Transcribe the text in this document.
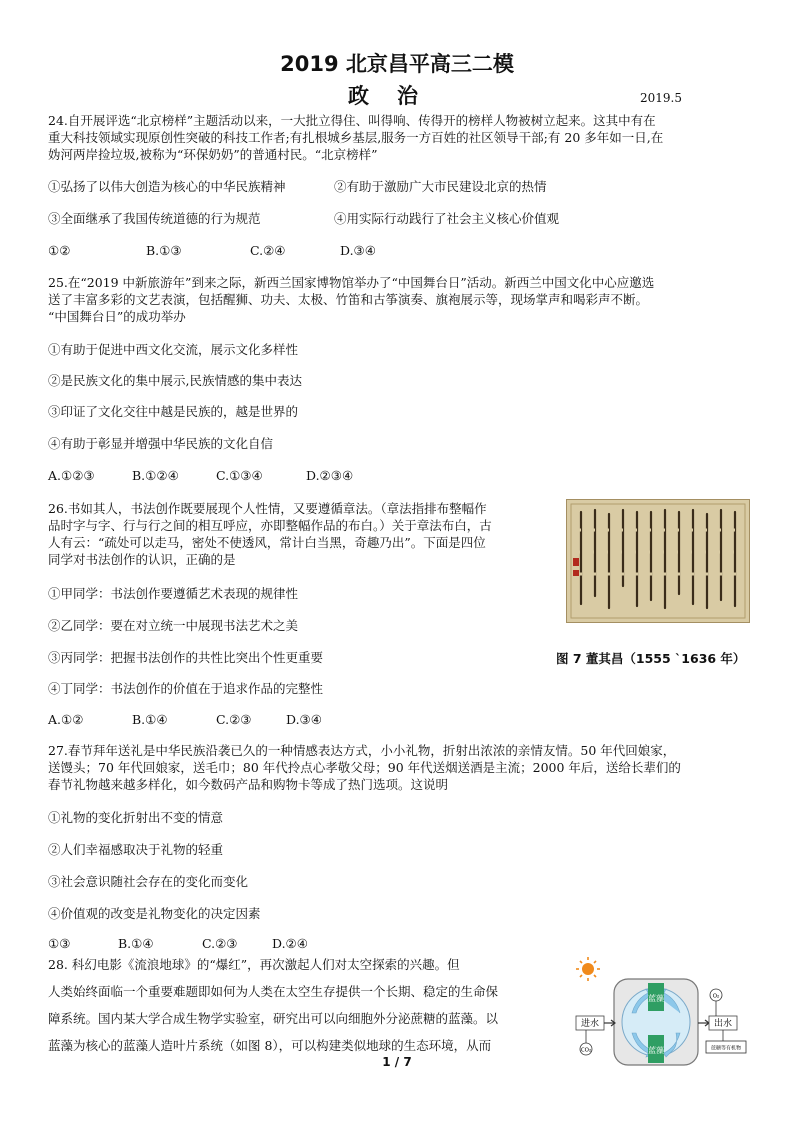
2019 北京昌平高三二模
政治	2019.5
24.自开展评选“北京榜样”主题活动以来，一大批立得住、叫得响、传得开的榜样人物被树立起来。这其中有在
重大科技领域实现原创性突破的科技工作者;有扎根城乡基层,服务一方百姓的社区领导干部;有 20 多年如一日,在
妫河两岸捡垃圾,被称为“环保奶奶”的普通村民。“北京榜样”
①弘扬了以伟大创造为核心的中华民族精神	②有助于激励广大市民建设北京的热情
③全面继承了我国传统道德的行为规范	④用实际行动践行了社会主义核心价值观
①②	B.①③	C.②④	D.③④
25.在“2019 中新旅游年”到来之际，新西兰国家博物馆举办了“中国舞台日”活动。新西兰中国文化中心应邀选
送了丰富多彩的文艺表演，包括醒狮、功夫、太极、竹笛和古筝演奏、旗袍展示等，现场掌声和喝彩声不断。
“中国舞台日”的成功举办
①有助于促进中西文化交流，展示文化多样性
②是民族文化的集中展示,民族情感的集中表达
③印证了文化交往中越是民族的，越是世界的
④有助于彰显并增强中华民族的文化自信
A.①②③	B.①②④	C.①③④	D.②③④
26.书如其人，书法创作既要展现个人性情，又要遵循章法。（章法指排布整幅作
品时字与字、行与行之间的相互呼应，亦即整幅作品的布白。）关于章法布白，古
人有云：“疏处可以走马，密处不使透风，常计白当黑，奇趣乃出”。下面是四位
同学对书法创作的认识，正确的是
①甲同学：书法创作要遵循艺术表现的规律性
②乙同学：要在对立统一中展现书法艺术之美
③丙同学：把握书法创作的共性比突出个性更重要
④丁同学：书法创作的价值在于追求作品的完整性
A.①②	B.①④	C.②③	D.③④
图 7 董其昌（1555 `1636 年）
27.春节拜年送礼是中华民族沿袭已久的一种情感表达方式，小小礼物，折射出浓浓的亲情友情。50 年代回娘家，
送馒头；70 年代回娘家，送毛巾；80 年代拎点心孝敬父母；90 年代送烟送酒是主流；2000 年后，送给长辈们的
春节礼物越来越多样化，如今数码产品和购物卡等成了热门选项。这说明
①礼物的变化折射出不变的情意
②人们幸福感取决于礼物的轻重
③社会意识随社会存在的变化而变化
④价值观的改变是礼物变化的决定因素
①③	B.①④	C.②③	D.②④
28. 科幻电影《流浪地球》的“爆红”，再次激起人们对太空探索的兴趣。但
人类始终面临一个重要难题即如何为人类在太空生存提供一个长期、稳定的生命保
障系统。国内某大学合成生物学实验室，研究出可以向细胞外分泌蔗糖的蓝藻。以
蓝藻为核心的蓝藻人造叶片系统（如图 8），可以构建类似地球的生态环境，从而
蓝藻
蓝藻
进水
CO₂
出水
O₂
蔗糖等有机物
1 / 7
